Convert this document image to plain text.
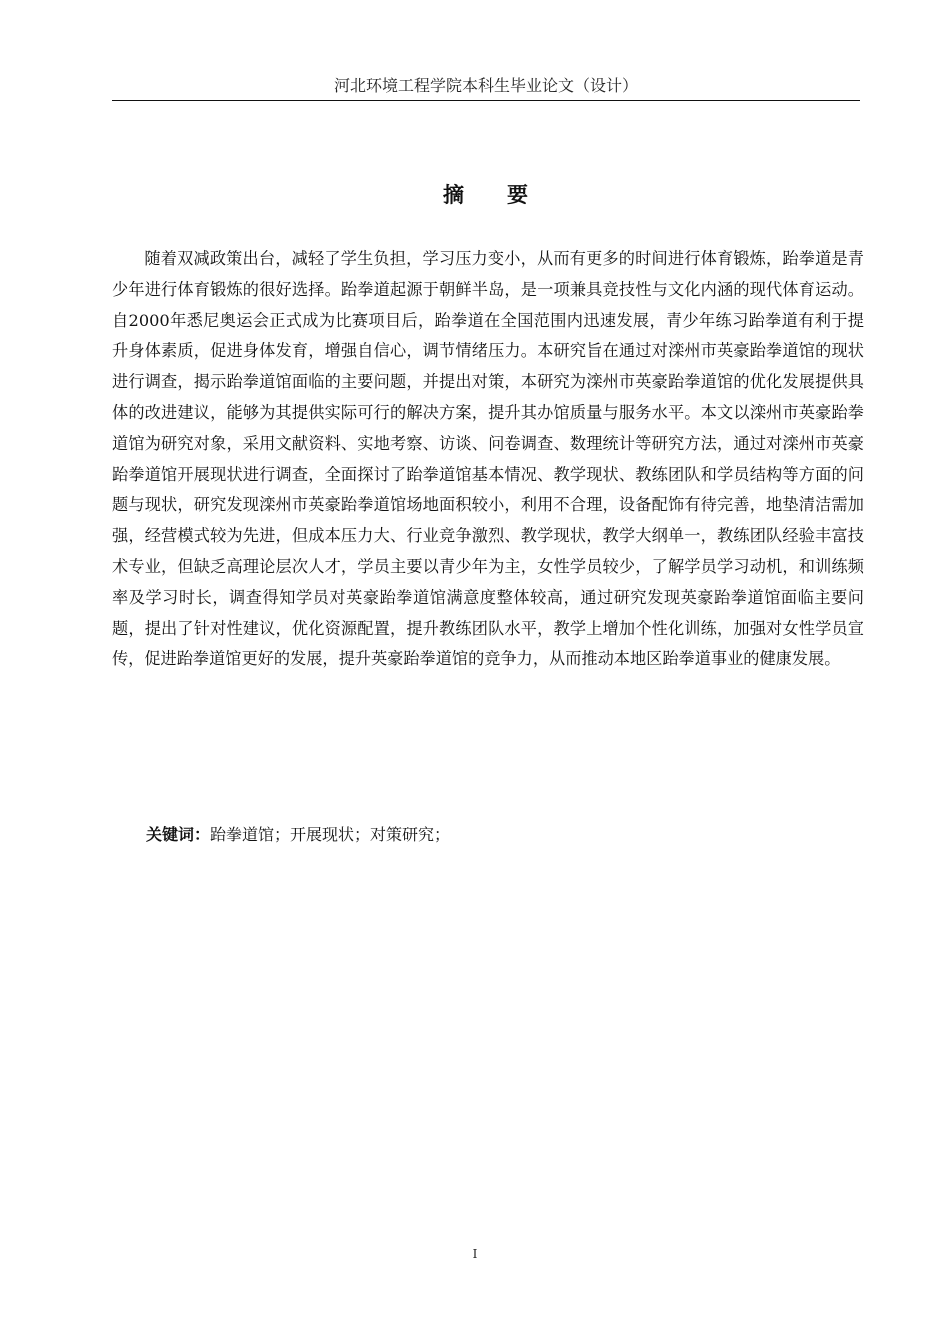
河北环境工程学院本科生毕业论文（设计）
摘 要

随着双减政策出台，减轻了学生负担，学习压力变小，从而有更多的时间进行体育锻炼，跆拳道是青少年进行体育锻炼的很好选择。跆拳道起源于朝鲜半岛，是一项兼具竞技性与文化内涵的现代体育运动。自2000年悉尼奥运会正式成为比赛项目后，跆拳道在全国范围内迅速发展，青少年练习跆拳道有利于提升身体素质，促进身体发育，增强自信心，调节情绪压力。本研究旨在通过对滦州市英豪跆拳道馆的现状进行调查，揭示跆拳道馆面临的主要问题，并提出对策，本研究为滦州市英豪跆拳道馆的优化发展提供具体的改进建议，能够为其提供实际可行的解决方案，提升其办馆质量与服务水平。本文以滦州市英豪跆拳道馆为研究对象，采用文献资料、实地考察、访谈、问卷调查、数理统计等研究方法，通过对滦州市英豪跆拳道馆开展现状进行调查，全面探讨了跆拳道馆基本情况、教学现状、教练团队和学员结构等方面的问题与现状，研究发现滦州市英豪跆拳道馆场地面积较小，利用不合理，设备配饰有待完善，地垫清洁需加强，经营模式较为先进，但成本压力大、行业竞争激烈、教学现状，教学大纲单一，教练团队经验丰富技术专业，但缺乏高理论层次人才，学员主要以青少年为主，女性学员较少，了解学员学习动机，和训练频率及学习时长，调查得知学员对英豪跆拳道馆满意度整体较高，通过研究发现英豪跆拳道馆面临主要问题，提出了针对性建议，优化资源配置，提升教练团队水平，教学上增加个性化训练，加强对女性学员宣传，促进跆拳道馆更好的发展，提升英豪跆拳道馆的竞争力，从而推动本地区跆拳道事业的健康发展。

关键词：跆拳道馆；开展现状；对策研究；
I
